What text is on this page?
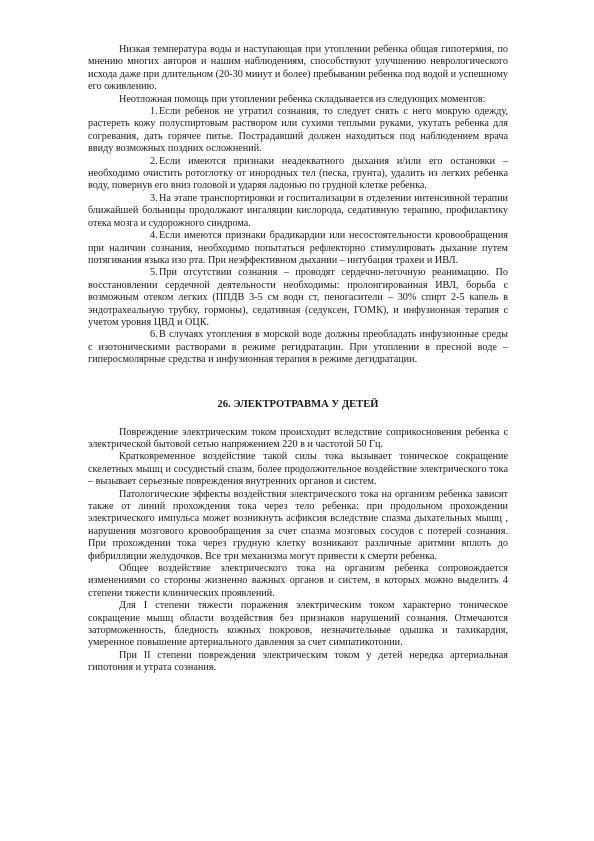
Низкая температура воды и наступающая при утоплении ребенка общая гипотермия, по мнению многих авторов и нашим наблюдениям, способствуют улучшению неврологического исхода даже при длительном (20-30 минут и более) пребывании ребенка под водой и успешному его оживлению.

Неотложная помощь при утоплении ребенка складывается из следующих моментов:

1.Если ребенок не утратил сознания, то следует снять с него мокрую одежду, растереть кожу полуспиртовым раствором или сухими теплыми руками, укутать ребенка для согревания, дать горячее питье. Пострадавший должен находиться под наблюдением врача ввиду возможных поздних осложнений.

2.Если имеются признаки неадекватного дыхания и/или его остановки – необходимо очистить ротоглотку от инородных тел (песка, грунта), удалить из легких ребенка воду, повернув его вниз головой и ударяя ладонью по грудной клетке ребенка.

3.На этапе транспортировки и госпитализации в отделении интенсивной терапии ближайшей больницы продолжают ингаляции кислорода, седативную терапию, профилактику отека мозга и судорожного синдрома.

4.Если имеются признаки брадикардии или несостоятельности кровообращения при наличии сознания, необходимо попытаться рефлекторно стимулировать дыхание путем потягивания языка изо рта. При неэффективном дыхании – интубация трахеи и ИВЛ.

5.При отсутствии сознания – проводят сердечно-легочную реанимацию. По восстановлении сердечной деятельности необходимы: пролонгированная ИВЛ, борьба с возможным отеком легких (ППДВ 3-5 см водн ст, пеногасители – 30% спирт 2-5 капель в эндотрахеальную трубку, гормоны), седативная (седуксен, ГОМК), и инфузионная терапия с учетом уровня ЦВД и ОЦК.

6.В случаях утопления в морской воде должны преобладать инфузионные среды с изотоническими растворами в режиме регидратации. При утоплении в пресной воде – гиперосмолярные средства и инфузионная терапия в режиме дегидратации.

26. ЭЛЕКТРОТРАВМА У ДЕТЕЙ

Повреждение электрическим током происходит вследствие соприкосновения ребенка с электрической бытовой сетью напряжением 220 в и частотой 50 Гц.

Кратковременное воздействие такой силы тока вызывает тоническое сокращение скелетных мышц и сосудистый спазм, более продолжительное воздействие электрического тока – вызывает серьезные повреждения внутренних органов и систем.

Патологические эффекты воздействия электрического тока на организм ребенка зависят также от линий прохождения тока через тело ребенка: при продольном прохождении электрического импульса может возникнуть асфиксия вследствие спазма дыхательных мышц , нарушения мозгового кровообращения за счет спазма мозговых сосудов с потерей сознания. При прохождении тока через грудную клетку возникают различные аритмии вплоть до фибрилляции желудочков. Все три механизма могут привести к смерти ребенка.

Общее воздействие электрического тока на организм ребенка сопровождается изменениями со стороны жизненно важных органов и систем, в которых можно выделить 4 степени тяжести клинических проявлений.

Для I степени тяжести поражения электрическим током характерно тоническое сокращение мышц области воздействия без признаков нарушений сознания. Отмечаются заторможенность, бледность кожных покровов, незначительные одышка и тахикардия, умеренное повышение артериального давления за счет симпатикотонии.

При II степени повреждения электрическим током у детей нередка артериальная гипотония и утрата сознания.
